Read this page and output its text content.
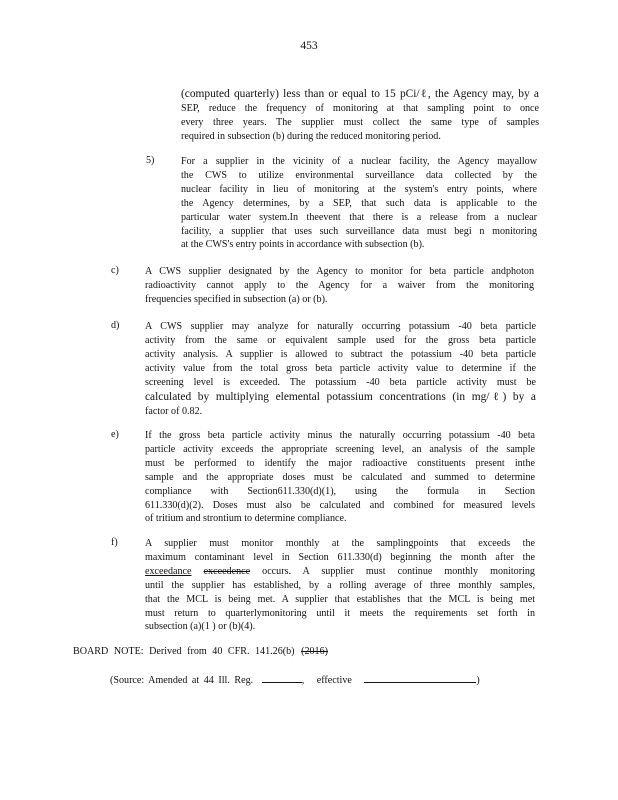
453

(computed quarterly) less than or equal to 15 pCi/ℓ, the Agency may, by a

SEP, reduce the frequency of monitoring at that sampling point to once

every three years. The supplier must collect the same type of samples

required in subsection (b) during the reduced monitoring period.

5)	For a supplier in the vicinity of a nuclear facility, the Agency mayallow

the CWS to utilize environmental surveillance data collected by the

nuclear facility in lieu of monitoring at the system's entry points, where

the Agency determines, by a SEP, that such data is applicable to the

particular water system.In theevent that there is a release from a nuclear

facility, a supplier that uses such surveillance data must begi n monitoring

at the CWS's entry points in accordance with subsection (b).

c)	A CWS supplier designated by the Agency to monitor for beta particle andphoton

radioactivity cannot apply to the Agency for a waiver from the monitoring

frequencies specified in subsection (a) or (b).

d)	A CWS supplier may analyze for naturally occurring potassium -40 beta particle

activity from the same or equivalent sample used for the gross beta particle

activity analysis. A supplier is allowed to subtract the potassium -40 beta particle

activity value from the total gross beta particle activity value to determine if the

screening level is exceeded. The potassium -40 beta particle activity must be

calculated by multiplying elemental potassium concentrations (in mg/ℓ) by a

factor of 0.82.

e)	If the gross beta particle activity minus the naturally occurring potassium -40 beta

particle activity exceeds the appropriate screening level, an analysis of the sample

must be performed to identify the major radioactive constituents present inthe

sample and the appropriate doses must be calculated and summed to determine

compliance with Section611.330(d)(1), using the formula in Section

611.330(d)(2). Doses must also be calculated and combined for measured levels

of tritium and strontium to determine compliance.

f)	A supplier must monitor monthly at the samplingpoints that exceeds the

maximum contaminant level in Section 611.330(d) beginning the month after the

exceedance exceedence occurs. A supplier must continue monthly monitoring

until the supplier has established, by a rolling average of three monthly samples,

that the MCL is being met. A supplier that establishes that the MCL is being met

must return to quarterlymonitoring until it meets the requirements set forth in

subsection (a)(1 ) or (b)(4).

BOARD NOTE: Derived from 40 CFR. 141.26(b) (2016)
(Source: Amended at 44 Ill. Reg.	, effective	)
